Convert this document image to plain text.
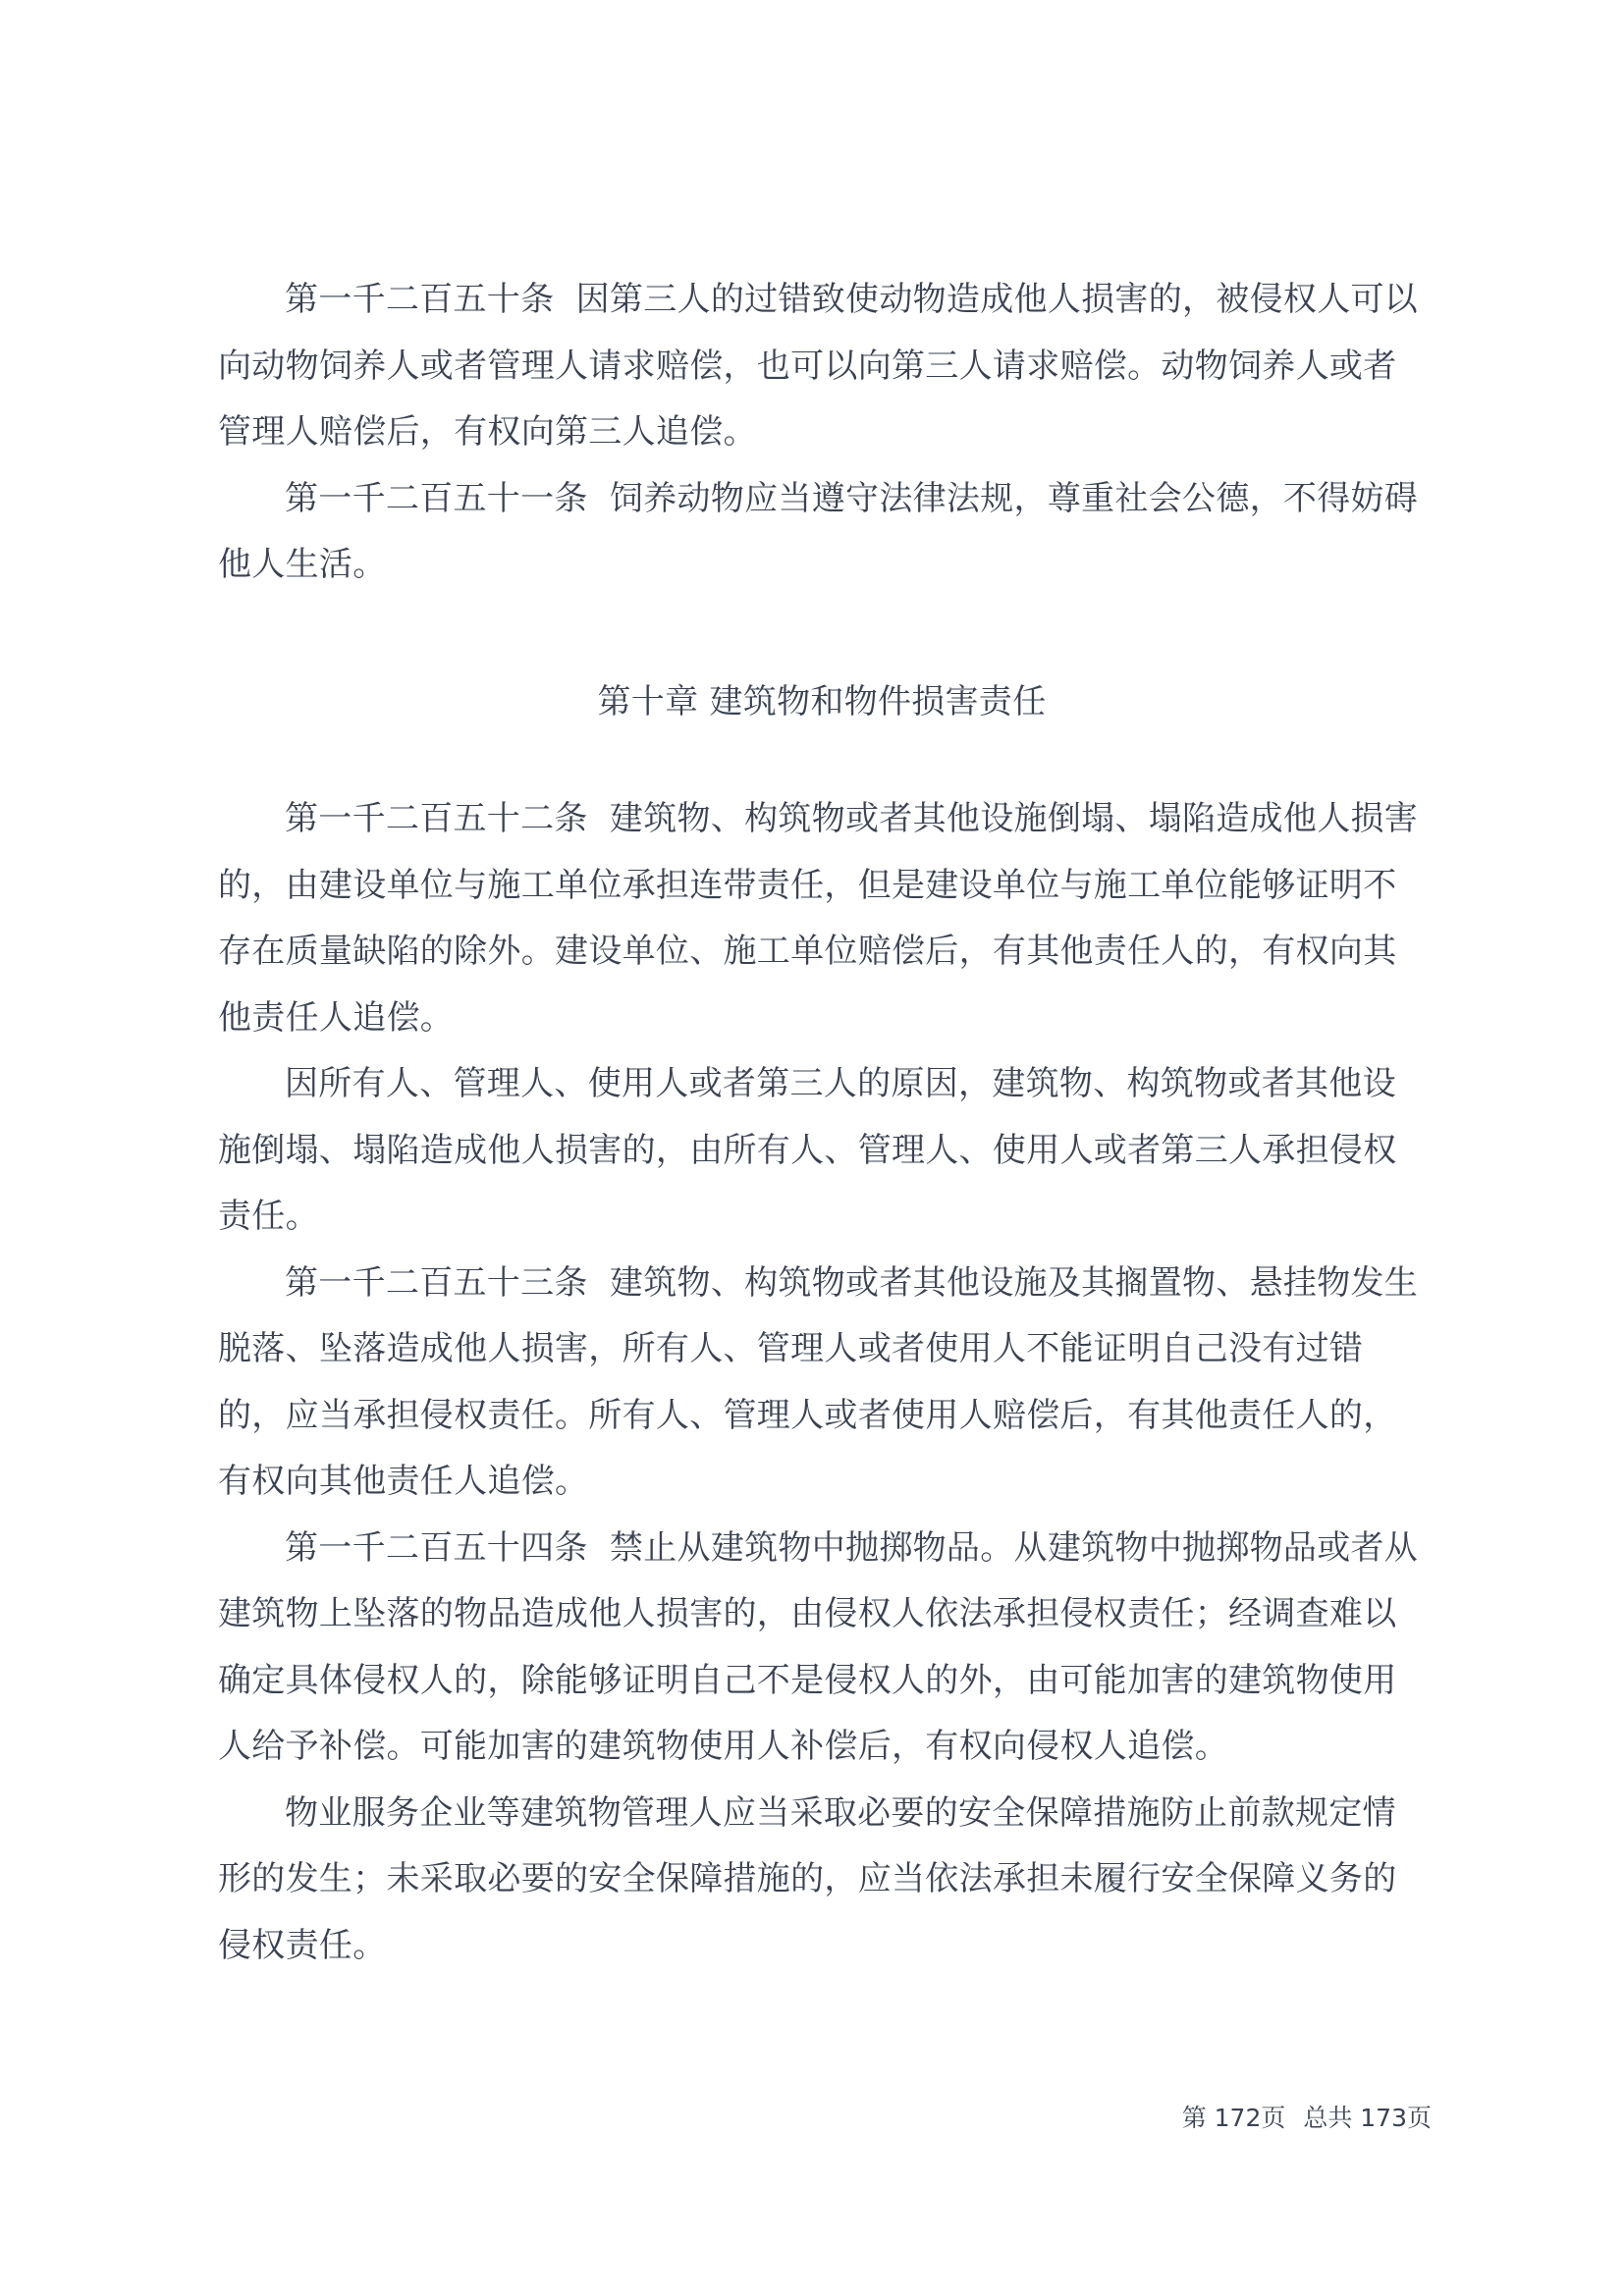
第一千二百五十条  因第三人的过错致使动物造成他人损害的，被侵权人可以向动物饲养人或者管理人请求赔偿，也可以向第三人请求赔偿。动物饲养人或者管理人赔偿后，有权向第三人追偿。

第一千二百五十一条  饲养动物应当遵守法律法规，尊重社会公德，不得妨碍他人生活。

第十章 建筑物和物件损害责任

第一千二百五十二条  建筑物、构筑物或者其他设施倒塌、塌陷造成他人损害的，由建设单位与施工单位承担连带责任，但是建设单位与施工单位能够证明不存在质量缺陷的除外。建设单位、施工单位赔偿后，有其他责任人的，有权向其他责任人追偿。

因所有人、管理人、使用人或者第三人的原因，建筑物、构筑物或者其他设施倒塌、塌陷造成他人损害的，由所有人、管理人、使用人或者第三人承担侵权责任。

第一千二百五十三条  建筑物、构筑物或者其他设施及其搁置物、悬挂物发生脱落、坠落造成他人损害，所有人、管理人或者使用人不能证明自己没有过错的，应当承担侵权责任。所有人、管理人或者使用人赔偿后，有其他责任人的，有权向其他责任人追偿。

第一千二百五十四条  禁止从建筑物中抛掷物品。从建筑物中抛掷物品或者从建筑物上坠落的物品造成他人损害的，由侵权人依法承担侵权责任；经调查难以确定具体侵权人的，除能够证明自己不是侵权人的外，由可能加害的建筑物使用人给予补偿。可能加害的建筑物使用人补偿后，有权向侵权人追偿。

物业服务企业等建筑物管理人应当采取必要的安全保障措施防止前款规定情形的发生；未采取必要的安全保障措施的，应当依法承担未履行安全保障义务的侵权责任。

第 172页 总共 173页
